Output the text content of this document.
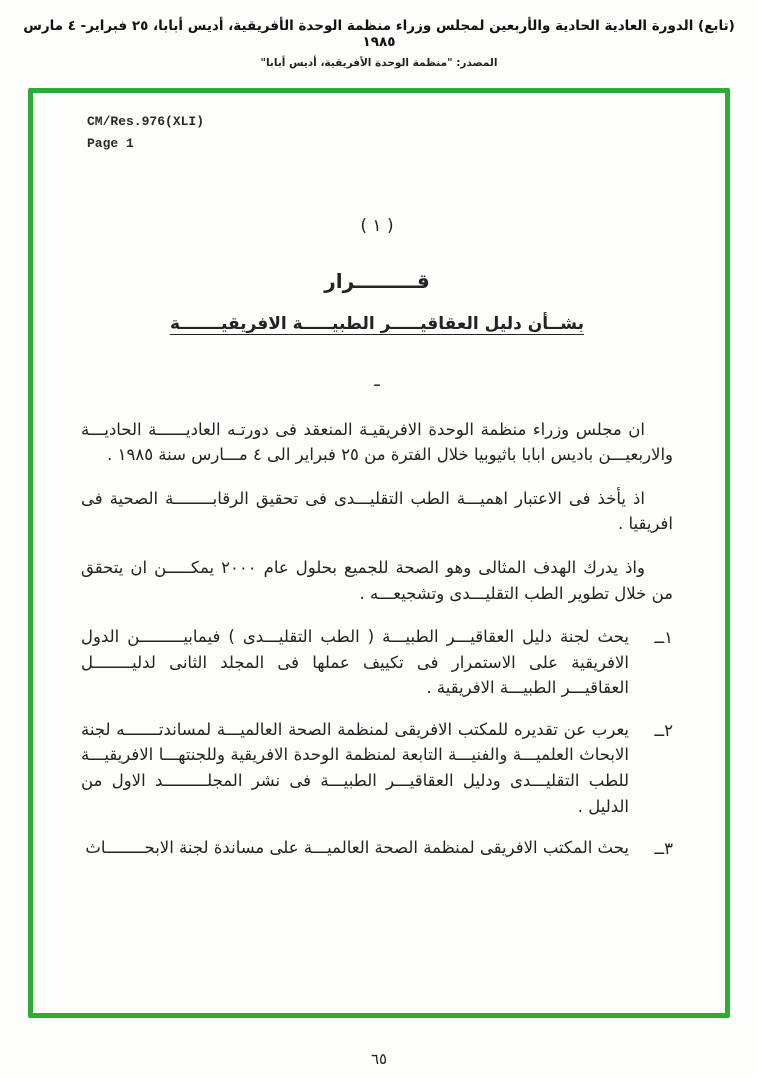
(تابع) الدورة العادية الحادية والأربعين لمجلس وزراء منظمة الوحدة الأفريقية، أديس أبابا، ٢٥ فبراير- ٤ مارس ١٩٨٥
المصدر: "منظمة الوحدة الأفريقية، أديس أبابا"
CM/Res.976(XLI)
Page 1
( ١ )
قـــــــــرار
بشــأن دليل العقاقيـــــر الطبيـــــة الافريقيـــــــة
ـ

ان مجلس وزراء منظمة الوحدة الافريقيـة المنعقد فى دورتـه العاديــــــة الحاديـــة والاربعيـــن باديس ابابا باثيوبيا خلال الفترة من ٢٥ فبراير الى ٤ مـــارس سنة ١٩٨٥ .

اذ يأخذ فى الاعتبار اهميـــة الطب التقليـــدى فى تحقيق الرقابــــــــة الصحية فى افريقيا .

واذ يدرك الهدف المثالى وهو الصحة للجميع بحلول عام ٢٠٠٠ يمكـــــن ان يتحقق من خلال تطوير الطب التقليـــدى وتشجيعـــه .

١ــ
يحث لجنة دليل العقاقيـــر الطبيـــة ( الطب التقليـــدى ) فيمابيـــــــــن الدول الافريقية على الاستمرار فى تكييف عملها فى المجلد الثانى لدليــــــــل العقاقيـــر الطبيـــة الافريقية .
٢ــ
يعرب عن تقديره للمكتب الافريقى لمنظمة الصحة العالميـــة لمساندتـــــــه لجنة الابحاث العلميـــة والفنيـــة التابعة لمنظمة الوحدة الافريقية وللجنتهـــا الافريقيـــة للطب التقليـــدى ودليل العقاقيـــر الطبيـــة فى نشر المجلـــــــــد الاول من الدليل .
٣ــ
يحث المكتب الافريقى لمنظمة الصحة العالميـــة على مساندة لجنة الابحــــــــاث
٦٥
